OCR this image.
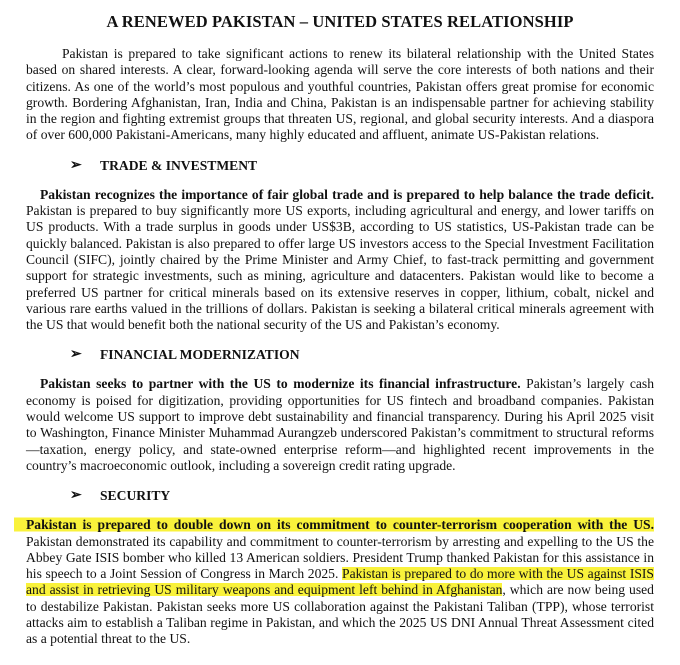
A RENEWED PAKISTAN – UNITED STATES RELATIONSHIP

Pakistan is prepared to take significant actions to renew its bilateral relationship with the United States based on shared interests. A clear, forward-looking agenda will serve the core interests of both nations and their citizens. As one of the world’s most populous and youthful countries, Pakistan offers great promise for economic growth. Bordering Afghanistan, Iran, India and China, Pakistan is an indispensable partner for achieving stability in the region and fighting extremist groups that threaten US, regional, and global security interests. And a diaspora of over 600,000 Pakistani-Americans, many highly educated and affluent, animate US-Pakistan relations.

➢	TRADE & INVESTMENT

Pakistan recognizes the importance of fair global trade and is prepared to help balance the trade deficit. Pakistan is prepared to buy significantly more US exports, including agricultural and energy, and lower tariffs on US products. With a trade surplus in goods under US$3B, according to US statistics, US-Pakistan trade can be quickly balanced. Pakistan is also prepared to offer large US investors access to the Special Investment Facilitation Council (SIFC), jointly chaired by the Prime Minister and Army Chief, to fast-track permitting and government support for strategic investments, such as mining, agriculture and datacenters. Pakistan would like to become a preferred US partner for critical minerals based on its extensive reserves in copper, lithium, cobalt, nickel and various rare earths valued in the trillions of dollars. Pakistan is seeking a bilateral critical minerals agreement with the US that would benefit both the national security of the US and Pakistan’s economy.

➢	FINANCIAL MODERNIZATION

Pakistan seeks to partner with the US to modernize its financial infrastructure. Pakistan’s largely cash economy is poised for digitization, providing opportunities for US fintech and broadband companies. Pakistan would welcome US support to improve debt sustainability and financial transparency. During his April 2025 visit to Washington, Finance Minister Muhammad Aurangzeb underscored Pakistan’s commitment to structural reforms—taxation, energy policy, and state-owned enterprise reform—and highlighted recent improvements in the country’s macroeconomic outlook, including a sovereign credit rating upgrade.

➢	SECURITY

Pakistan is prepared to double down on its commitment to counter-terrorism cooperation with the US. Pakistan demonstrated its capability and commitment to counter-terrorism by arresting and expelling to the US the Abbey Gate ISIS bomber who killed 13 American soldiers. President Trump thanked Pakistan for this assistance in his speech to a Joint Session of Congress in March 2025. Pakistan is prepared to do more with the US against ISIS and assist in retrieving US military weapons and equipment left behind in Afghanistan, which are now being used to destabilize Pakistan. Pakistan seeks more US collaboration against the Pakistani Taliban (TPP), whose terrorist attacks aim to establish a Taliban regime in Pakistan, and which the 2025 US DNI Annual Threat Assessment cited as a potential threat to the US.
